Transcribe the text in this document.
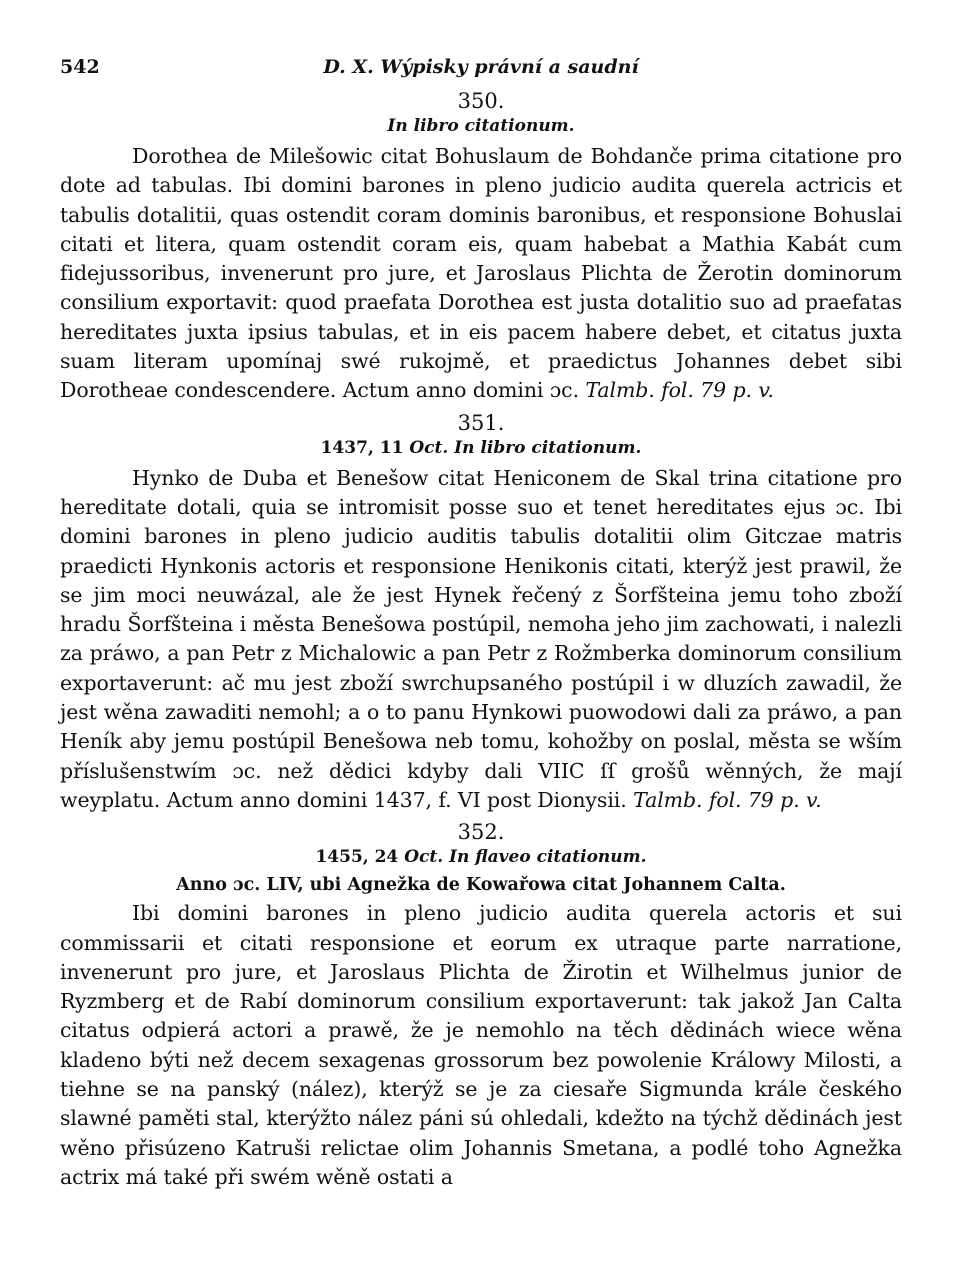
542	D. X. Wýpisky právní a saudní
350.
In libro citationum.

Dorothea de Milešowic citat Bohuslaum de Bohdanče prima citatione pro dote ad tabulas. Ibi domini barones in pleno judicio audita querela actricis et tabulis dotalitii, quas ostendit coram dominis baronibus, et responsione Bohuslai citati et litera, quam ostendit coram eis, quam habebat a Mathia Kabát cum fidejussoribus, invenerunt pro jure, et Jaroslaus Plichta de Žerotin dominorum consilium exportavit: quod praefata Dorothea est justa dotalitio suo ad praefatas hereditates juxta ipsius tabulas, et in eis pacem habere debet, et citatus juxta suam literam upomínaj swé rukojmě, et praedictus Johannes debet sibi Dorotheae condescendere. Actum anno domini ɔc. Talmb. fol. 79 p. v.

351.
1437, 11 Oct. In libro citationum.

Hynko de Duba et Benešow citat Heniconem de Skal trina citatione pro hereditate dotali, quia se intromisit posse suo et tenet hereditates ejus ɔc. Ibi domini barones in pleno judicio auditis tabulis dotalitii olim Gitczae matris praedicti Hynkonis actoris et responsione Henikonis citati, kterýž jest prawil, že se jim moci neuwázal, ale že jest Hynek řečený z Šorfšteina jemu toho zboží hradu Šorfšteina i města Benešowa postúpil, nemoha jeho jim zachowati, i nalezli za práwo, a pan Petr z Michalowic a pan Petr z Rožmberka dominorum consilium exportaverunt: ač mu jest zboží swrchupsaného postúpil i w dluzích zawadil, že jest wěna zawaditi nemohl; a o to panu Hynkowi puowodowi dali za práwo, a pan Heník aby jemu postúpil Benešowa neb tomu, kohožby on poslal, města se wším příslušenstwím ɔc. než dědici kdyby dali VIIC ſſ grošů wěnných, že mají weyplatu. Actum anno domini 1437, f. VI post Dionysii. Talmb. fol. 79 p. v.

352.
1455, 24 Oct. In flaveo citationum.
Anno ɔc. LIV, ubi Agnežka de Kowařowa citat Johannem Calta.

Ibi domini barones in pleno judicio audita querela actoris et sui commissarii et citati responsione et eorum ex utraque parte narratione, invenerunt pro jure, et Jaroslaus Plichta de Žirotin et Wilhelmus junior de Ryzmberg et de Rabí dominorum consilium exportaverunt: tak jakož Jan Calta citatus odpierá actori a prawě, že je nemohlo na těch dědinách wiece wěna kladeno býti než decem sexagenas grossorum bez powolenie Králowy Milosti, a tiehne se na panský (nález), kterýž se je za ciesaře Sigmunda krále českého slawné paměti stal, kterýžto nález páni sú ohledali, kdežto na týchž dědinách jest wěno přisúzeno Katruši relictae olim Johannis Smetana, a podlé toho Agnežka actrix má také při swém wěně ostati a
